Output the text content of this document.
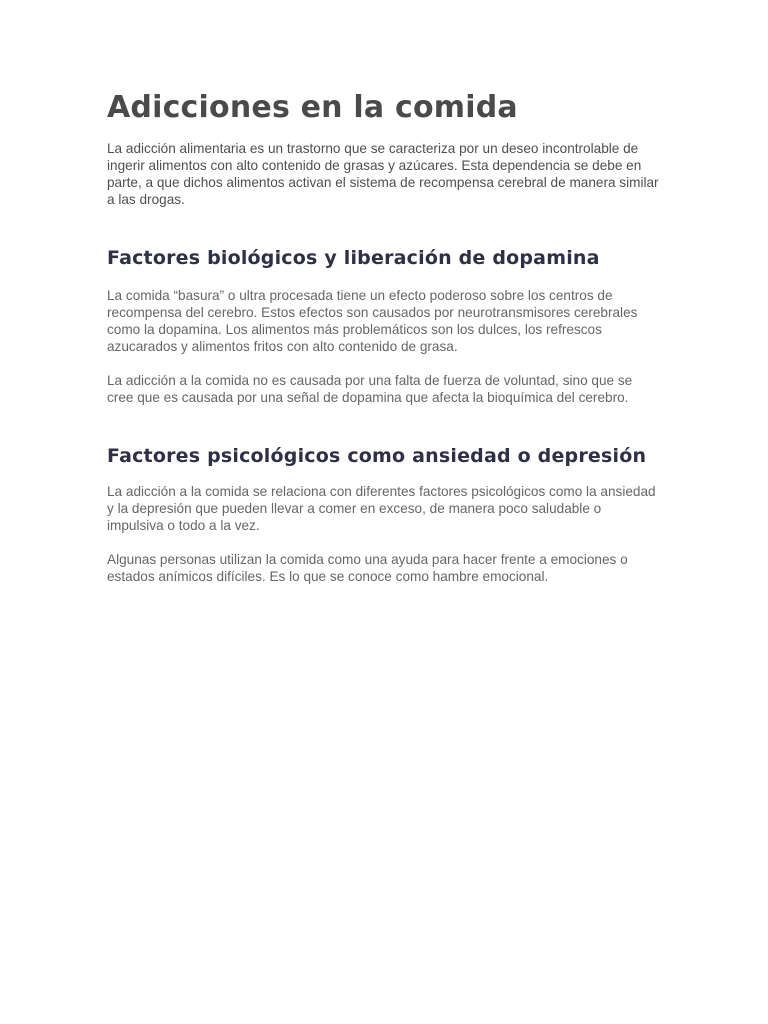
Adicciones en la comida

La adicción alimentaria es un trastorno que se caracteriza por un deseo incontrolable de ingerir alimentos con alto contenido de grasas y azúcares. Esta dependencia se debe en parte, a que dichos alimentos activan el sistema de recompensa cerebral de manera similar a las drogas.

Factores biológicos y liberación de dopamina

La comida “basura” o ultra procesada tiene un efecto poderoso sobre los centros de recompensa del cerebro. Estos efectos son causados por neurotransmisores cerebrales como la dopamina. Los alimentos más problemáticos son los dulces, los refrescos azucarados y alimentos fritos con alto contenido de grasa.

La adicción a la comida no es causada por una falta de fuerza de voluntad, sino que se cree que es causada por una señal de dopamina que afecta la bioquímica del cerebro.

Factores psicológicos como ansiedad o depresión

La adicción a la comida se relaciona con diferentes factores psicológicos como la ansiedad y la depresión que pueden llevar a comer en exceso, de manera poco saludable o impulsiva o todo a la vez.

Algunas personas utilizan la comida como una ayuda para hacer frente a emociones o estados anímicos difíciles. Es lo que se conoce como hambre emocional.
